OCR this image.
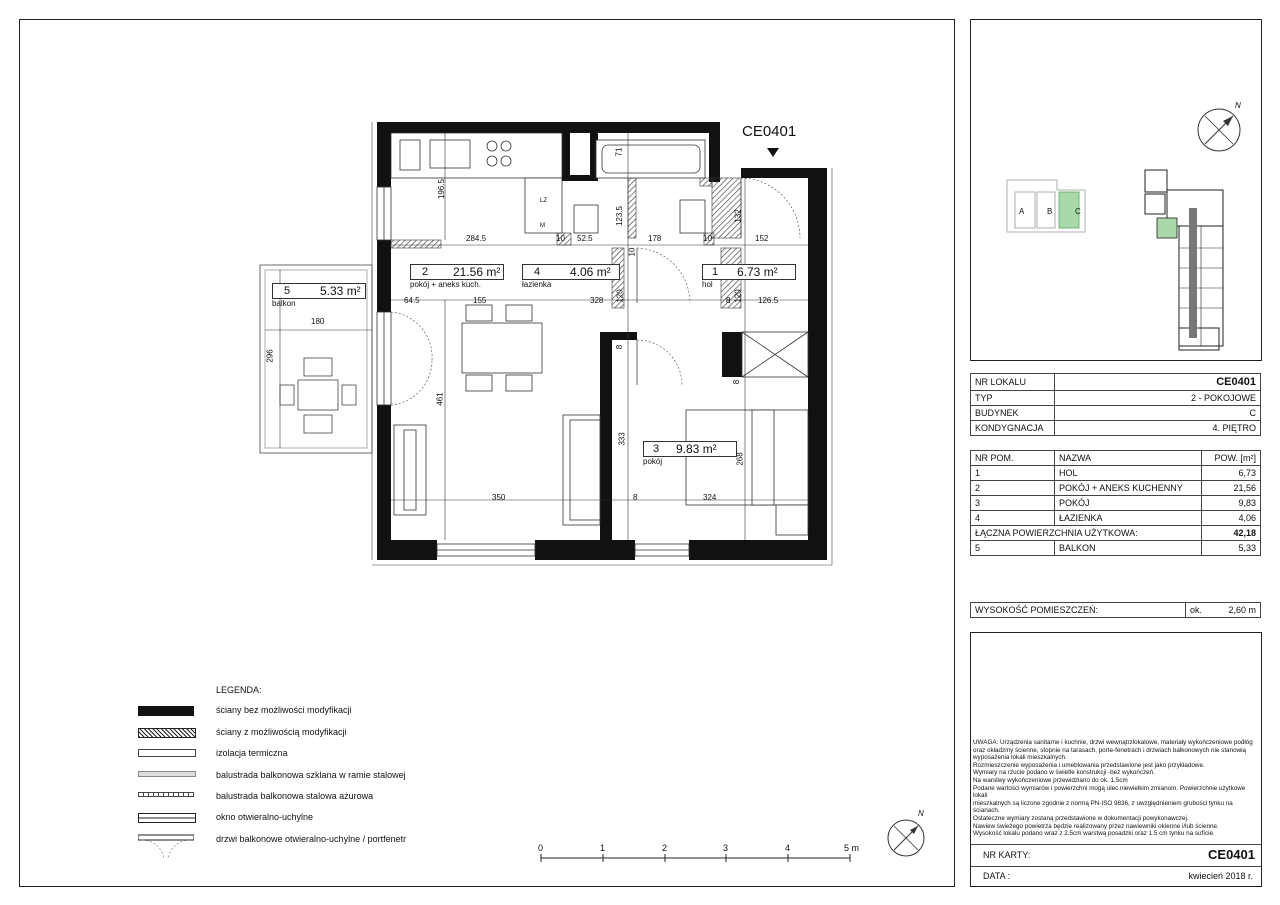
CE0401
2 21.56 m²
pokój + aneks kuch.
4 4.06 m²
łazienka
1 6.73 m²
hol
3 9.83 m²
pokój
5 5.33 m²
balkon
196.5
284.5	10 52.5	178	10	152
71
123.5	132
10
64.5	155	328 120	120 126.5
8
8
8
65
461
180
296
350	8	324
333
268
LZ
M
LEGENDA:
ściany bez możliwości modyfikacji
ściany z możliwością modyfikacji
izolacja termiczna
balustrada balkonowa szklana w ramie stalowej
balustrada balkonowa stalowa ażurowa
okno otwieralno-uchylne
drzwi balkonowe otwieralno-uchylne / portfenetr
0	1	2	3	4	5 m
N
N
A	B	C
NR LOKALU	CE0401
TYP	2 - POKOJOWE
BUDYNEK	C
KONDYGNACJA	4. PIĘTRO
NR POM.	NAZWA	POW. [m²]
1	HOL	6,73
2	POKÓJ + ANEKS KUCHENNY	21,56
3	POKÓJ	9,83
4	ŁAZIENKA	4,06
ŁĄCZNA POWIERZCHNIA UŻYTKOWA:		42,18
5	BALKON	5,33
WYSOKOŚĆ POMIESZCZEŃ:	ok.	2,60 m
UWAGA: Urządzenia sanitarne i kuchnie, drzwi wewnątrzlokalowe, materiały wykończeniowe podłóg
oraz okładziny ścienne, stopnie na tarasach, porte-fenetrach i drzwiach balkonowych nie stanowią
wyposażenia lokali mieszkalnych.
Rozmieszczenie wyposażenia i umeblowania przedstawione jest jako przykładowe.
Wymiary na rzucie podano w świetle konstrukcji -bez wykończeń.
Na warstwy wykończeniowe przewidziano do ok. 1,5cm
Podane wartości wymiarów i powierzchni mogą ulec niewielkim zmianom. Powierzchnie użytkowe lokali
mieszkalnych są liczone zgodnie z normą PN-ISO 9836, z uwzględnieniem grubości tynku na ścianach.
Ostateczne wymiary zostaną przedstawione w dokumentacji powykonawczej.
Nawiew świeżego powietrza będzie realizowany przez nawiewniki okienne i/lub ścienne.
Wysokość lokalu podano wraz z 2.5cm warstwą posadzki oraz 1.5 cm tynku na sufície.
NR KARTY:	CE0401
DATA :	kwiecień 2018 r.
